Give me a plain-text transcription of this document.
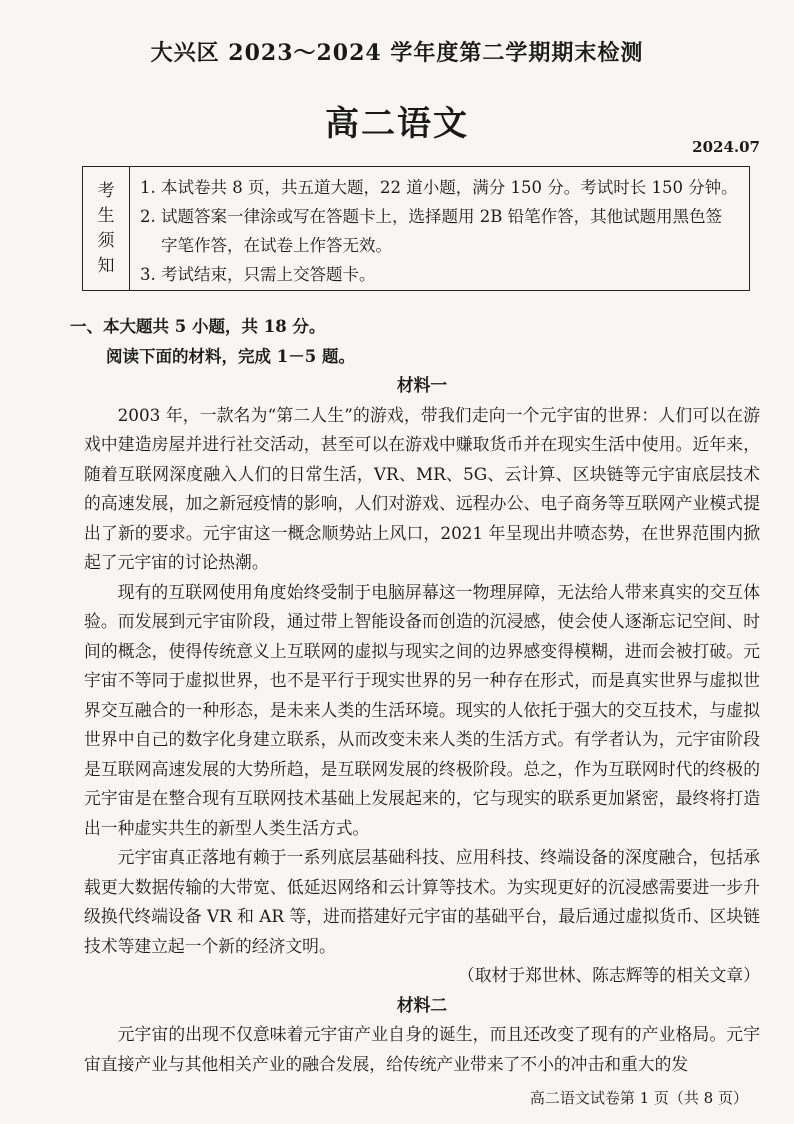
大兴区 2023～2024 学年度第二学期期末检测
高二语文
2024.07
考
生
须
知
1. 本试卷共 8 页，共五道大题，22 道小题，满分 150 分。考试时长 150 分钟。
2. 试题答案一律涂或写在答题卡上，选择题用 2B 铅笔作答，其他试题用黑色签
字笔作答，在试卷上作答无效。
3. 考试结束，只需上交答题卡。
一、本大题共 5 小题，共 18 分。
阅读下面的材料，完成 1－5 题。

材料一

2003 年，一款名为“第二人生”的游戏，带我们走向一个元宇宙的世界：人们可以在游戏中建造房屋并进行社交活动，甚至可以在游戏中赚取货币并在现实生活中使用。近年来，随着互联网深度融入人们的日常生活，VR、MR、5G、云计算、区块链等元宇宙底层技术的高速发展，加之新冠疫情的影响，人们对游戏、远程办公、电子商务等互联网产业模式提出了新的要求。元宇宙这一概念顺势站上风口，2021 年呈现出井喷态势，在世界范围内掀起了元宇宙的讨论热潮。

现有的互联网使用角度始终受制于电脑屏幕这一物理屏障，无法给人带来真实的交互体验。而发展到元宇宙阶段，通过带上智能设备而创造的沉浸感，使会使人逐渐忘记空间、时间的概念，使得传统意义上互联网的虚拟与现实之间的边界感变得模糊，进而会被打破。元宇宙不等同于虚拟世界，也不是平行于现实世界的另一种存在形式，而是真实世界与虚拟世界交互融合的一种形态，是未来人类的生活环境。现实的人依托于强大的交互技术，与虚拟世界中自己的数字化身建立联系，从而改变未来人类的生活方式。有学者认为，元宇宙阶段是互联网高速发展的大势所趋，是互联网发展的终极阶段。总之，作为互联网时代的终极的元宇宙是在整合现有互联网技术基础上发展起来的，它与现实的联系更加紧密，最终将打造出一种虚实共生的新型人类生活方式。

元宇宙真正落地有赖于一系列底层基础科技、应用科技、终端设备的深度融合，包括承载更大数据传输的大带宽、低延迟网络和云计算等技术。为实现更好的沉浸感需要进一步升级换代终端设备 VR 和 AR 等，进而搭建好元宇宙的基础平台，最后通过虚拟货币、区块链技术等建立起一个新的经济文明。

（取材于郑世林、陈志辉等的相关文章）

材料二

元宇宙的出现不仅意味着元宇宙产业自身的诞生，而且还改变了现有的产业格局。元宇宙直接产业与其他相关产业的融合发展，给传统产业带来了不小的冲击和重大的发

高二语文试卷第 1 页（共 8 页）
